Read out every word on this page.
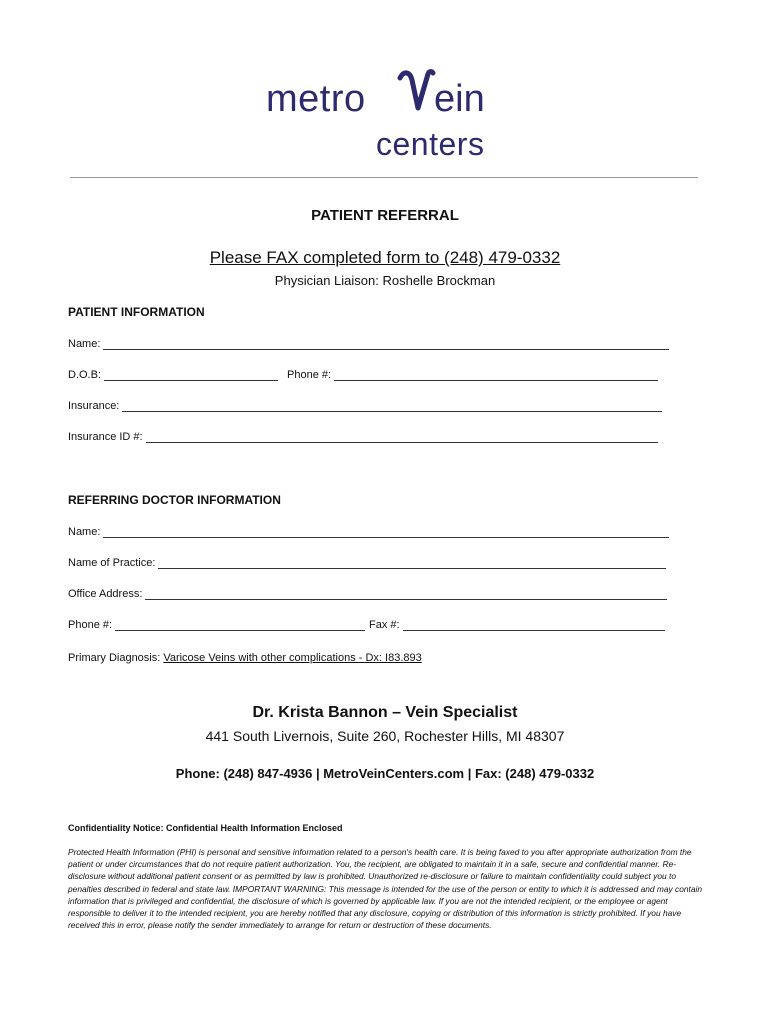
metro ein
centers
PATIENT REFERRAL
Please FAX completed form to (248) 479-0332
Physician Liaison: Roshelle Brockman
PATIENT INFORMATION
Name:
D.O.B:	Phone #:
Insurance:
Insurance ID #:
REFERRING DOCTOR INFORMATION
Name:
Name of Practice:
Office Address:
Phone #:	Fax #:
Primary Diagnosis: Varicose Veins with other complications - Dx: I83.893
Dr. Krista Bannon – Vein Specialist
441 South Livernois, Suite 260, Rochester Hills, MI 48307
Phone: (248) 847-4936 | MetroVeinCenters.com | Fax: (248) 479-0332
Confidentiality Notice: Confidential Health Information Enclosed
Protected Health Information (PHI) is personal and sensitive information related to a person's health care. It is being faxed to you after appropriate authorization from the patient or under circumstances that do not require patient authorization. You, the recipient, are obligated to maintain it in a safe, secure and confidential manner. Re-disclosure without additional patient consent or as permitted by law is prohibited. Unauthorized re-disclosure or failure to maintain confidentiality could subject you to penalties described in federal and state law. IMPORTANT WARNING: This message is intended for the use of the person or entity to which it is addressed and may contain information that is privileged and confidential, the disclosure of which is governed by applicable law. If you are not the intended recipient, or the employee or agent responsible to deliver it to the intended recipient, you are hereby notified that any disclosure, copying or distribution of this information is strictly prohibited. If you have received this in error, please notify the sender immediately to arrange for return or destruction of these documents.
